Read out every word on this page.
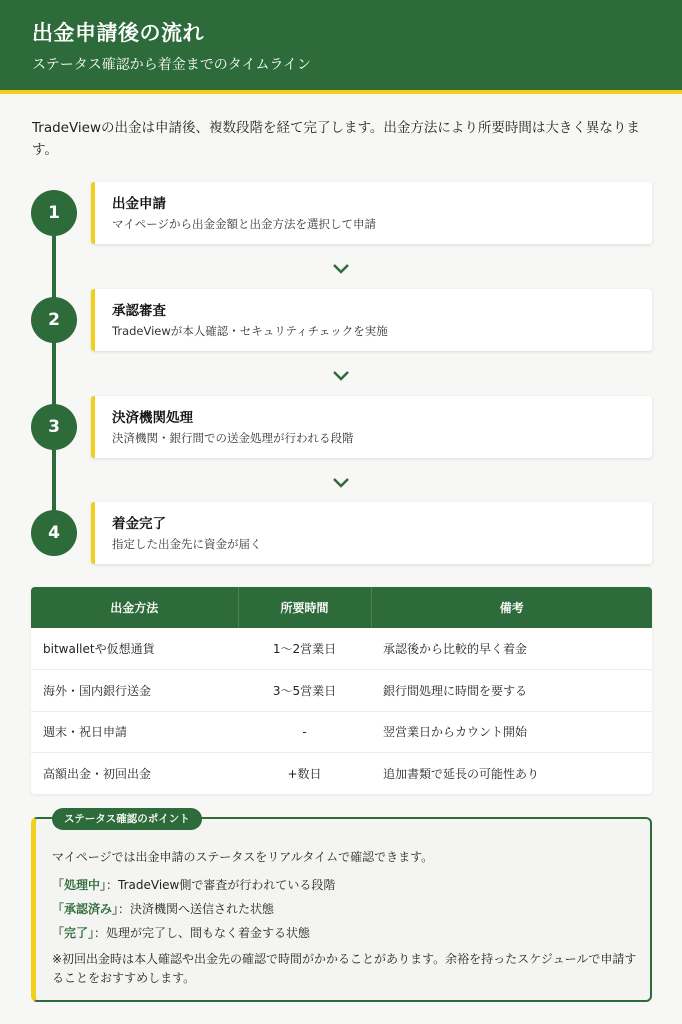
出金申請後の流れ
ステータス確認から着金までのタイムライン

TradeViewの出金は申請後、複数段階を経て完了します。出金方法により所要時間は大きく異なります。

1	出金申請
マイページから出金金額と出金方法を選択して申請
2	承認審査
TradeViewが本人確認・セキュリティチェックを実施
3	決済機関処理
決済機関・銀行間での送金処理が行われる段階
4	着金完了
指定した出金先に資金が届く
出金方法	所要時間	備考
bitwalletや仮想通貨	1〜2営業日	承認後から比較的早く着金
海外・国内銀行送金	3〜5営業日	銀行間処理に時間を要する
週末・祝日申請	-	翌営業日からカウント開始
高額出金・初回出金	+数日	追加書類で延長の可能性あり
マイページでは出金申請のステータスをリアルタイムで確認できます。
「処理中」：TradeView側で審査が行われている段階
「承認済み」：決済機関へ送信された状態
「完了」：処理が完了し、間もなく着金する状態
※初回出金時は本人確認や出金先の確認で時間がかかることがあります。余裕を持ったスケジュールで申請することをおすすめします。
ステータス確認のポイント
